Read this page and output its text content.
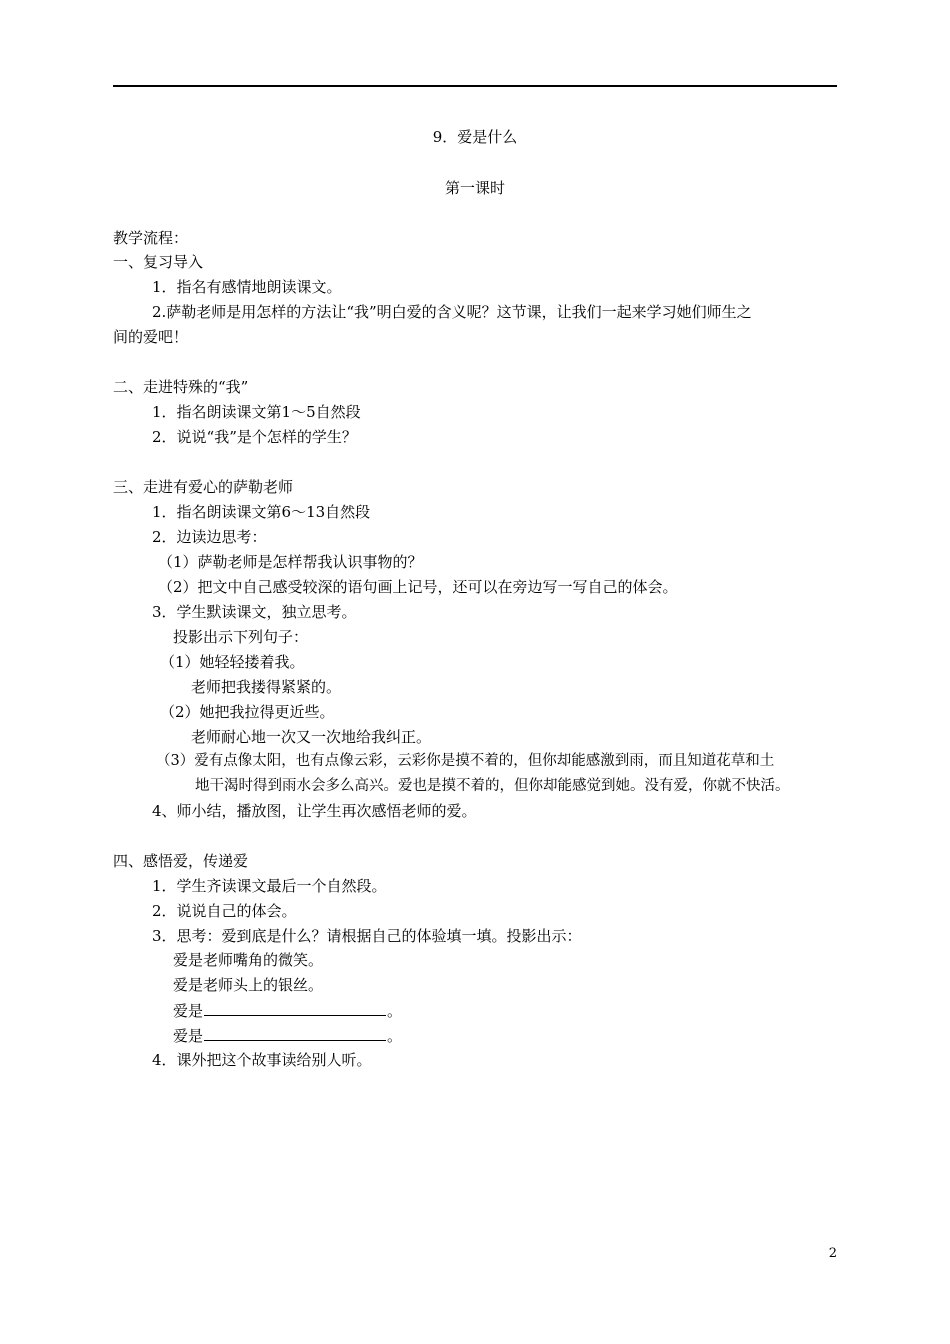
9．爱是什么
第一课时
教学流程：
一、复习导入
1．指名有感情地朗读课文。
2.萨勒老师是用怎样的方法让“我”明白爱的含义呢？这节课，让我们一起来学习她们师生之
间的爱吧！
二、走进特殊的“我”
1．指名朗读课文第1～5自然段
2．说说“我”是个怎样的学生？
三、走进有爱心的萨勒老师
1．指名朗读课文第6～13自然段
2．边读边思考：
（1）萨勒老师是怎样帮我认识事物的？
（2）把文中自己感受较深的语句画上记号，还可以在旁边写一写自己的体会。
3．学生默读课文，独立思考。
投影出示下列句子：
（1）她轻轻搂着我。
老师把我搂得紧紧的。
（2）她把我拉得更近些。
老师耐心地一次又一次地给我纠正。
（3）爱有点像太阳，也有点像云彩，云彩你是摸不着的，但你却能感激到雨，而且知道花草和土
地干渴时得到雨水会多么高兴。爱也是摸不着的，但你却能感觉到她。没有爱，你就不快活。
4、师小结，播放图，让学生再次感悟老师的爱。
四、感悟爱，传递爱
1．学生齐读课文最后一个自然段。
2．说说自己的体会。
3．思考：爱到底是什么？请根据自己的体验填一填。投影出示：
爱是老师嘴角的微笑。
爱是老师头上的银丝。
爱是	。
爱是	。
4．课外把这个故事读给别人听。
2
